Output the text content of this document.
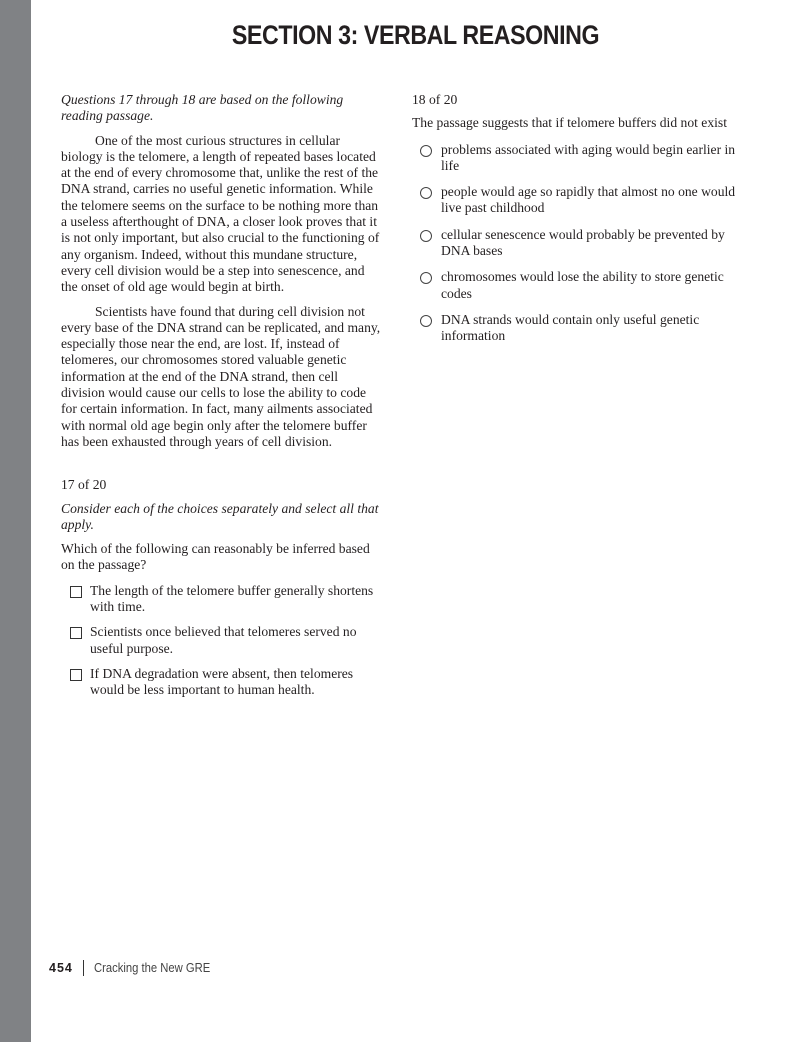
SECTION 3: VERBAL REASONING

Questions 17 through 18 are based on the following reading passage.

One of the most curious structures in cellular biology is the telomere, a length of repeated bases located at the end of every chromosome that, unlike the rest of the DNA strand, carries no useful genetic information. While the telomere seems on the surface to be nothing more than a useless afterthought of DNA, a closer look proves that it is not only important, but also crucial to the functioning of any organism. Indeed, without this mundane structure, every cell division would be a step into senescence, and the onset of old age would begin at birth.

Scientists have found that during cell division not every base of the DNA strand can be replicated, and many, especially those near the end, are lost. If, instead of telomeres, our chromosomes stored valuable genetic information at the end of the DNA strand, then cell division would cause our cells to lose the ability to code for certain information. In fact, many ailments associated with normal old age begin only after the telomere buffer has been exhausted through years of cell division.

17 of 20

Consider each of the choices separately and select all that apply.

Which of the following can reasonably be inferred based on the passage?

The length of the telomere buffer generally shortens with time.
Scientists once believed that telomeres served no useful purpose.
If DNA degradation were absent, then telomeres would be less important to human health.

18 of 20

The passage suggests that if telomere buffers did not exist

problems associated with aging would begin earlier in life
people would age so rapidly that almost no one would live past childhood
cellular senescence would probably be prevented by DNA bases
chromosomes would lose the ability to store genetic codes
DNA strands would contain only useful genetic information
454 Cracking the New GRE
